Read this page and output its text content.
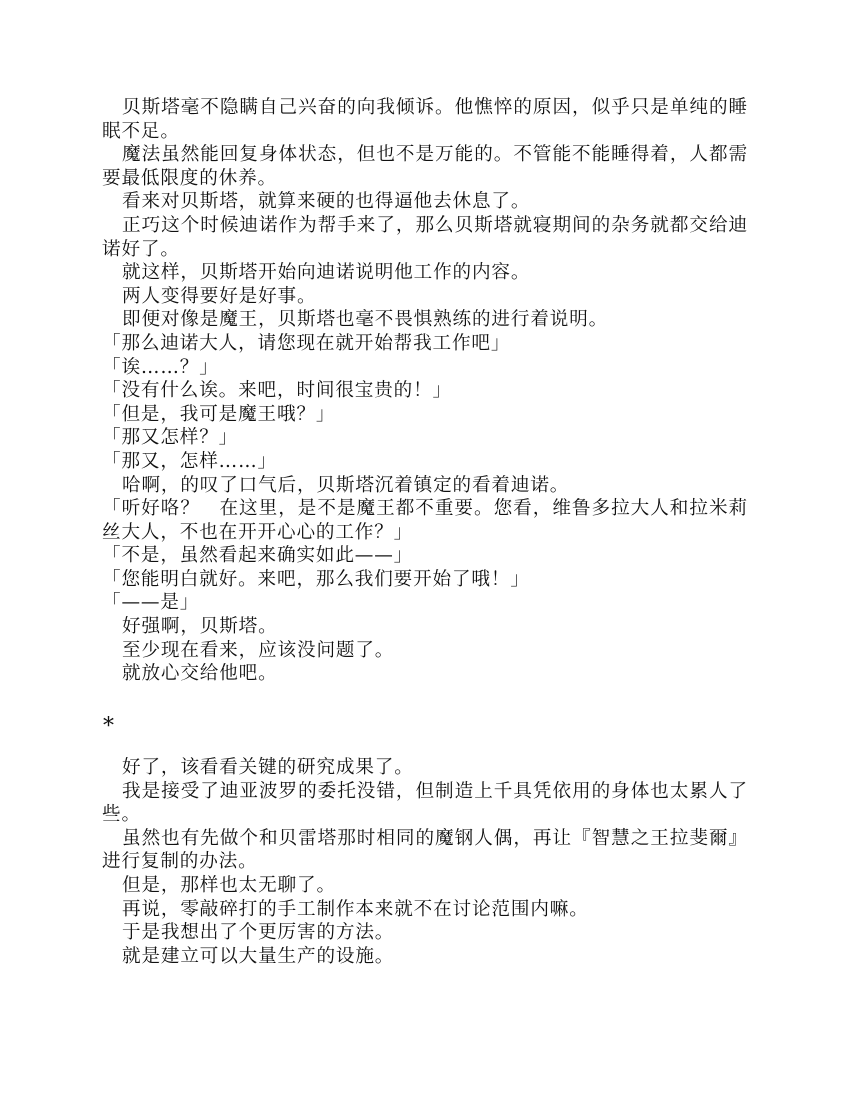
贝斯塔毫不隐瞒自己兴奋的向我倾诉。他憔悴的原因，似乎只是单纯的睡眠不足。

魔法虽然能回复身体状态，但也不是万能的。不管能不能睡得着，人都需要最低限度的休养。

看来对贝斯塔，就算来硬的也得逼他去休息了。

正巧这个时候迪诺作为帮手来了，那么贝斯塔就寝期间的杂务就都交给迪诺好了。

就这样，贝斯塔开始向迪诺说明他工作的内容。

两人变得要好是好事。

即便对像是魔王，贝斯塔也毫不畏惧熟练的进行着说明。

「那么迪诺大人，请您现在就开始帮我工作吧」

「诶……？」

「没有什么诶。来吧，时间很宝贵的！」

「但是，我可是魔王哦？」

「那又怎样？」

「那又，怎样……」

哈啊，的叹了口气后，贝斯塔沉着镇定的看着迪诺。

「听好咯？　在这里，是不是魔王都不重要。您看，维鲁多拉大人和拉米莉丝大人，不也在开开心心的工作？」

「不是，虽然看起来确实如此——」

「您能明白就好。来吧，那么我们要开始了哦！」

「——是」

好强啊，贝斯塔。

至少现在看来，应该没问题了。

就放心交给他吧。

*

好了，该看看关键的研究成果了。

我是接受了迪亚波罗的委托没错，但制造上千具凭依用的身体也太累人了些。

虽然也有先做个和贝雷塔那时相同的魔钢人偶，再让『智慧之王拉斐爾』进行复制的办法。

但是，那样也太无聊了。

再说，零敲碎打的手工制作本来就不在讨论范围内嘛。

于是我想出了个更厉害的方法。

就是建立可以大量生产的设施。
